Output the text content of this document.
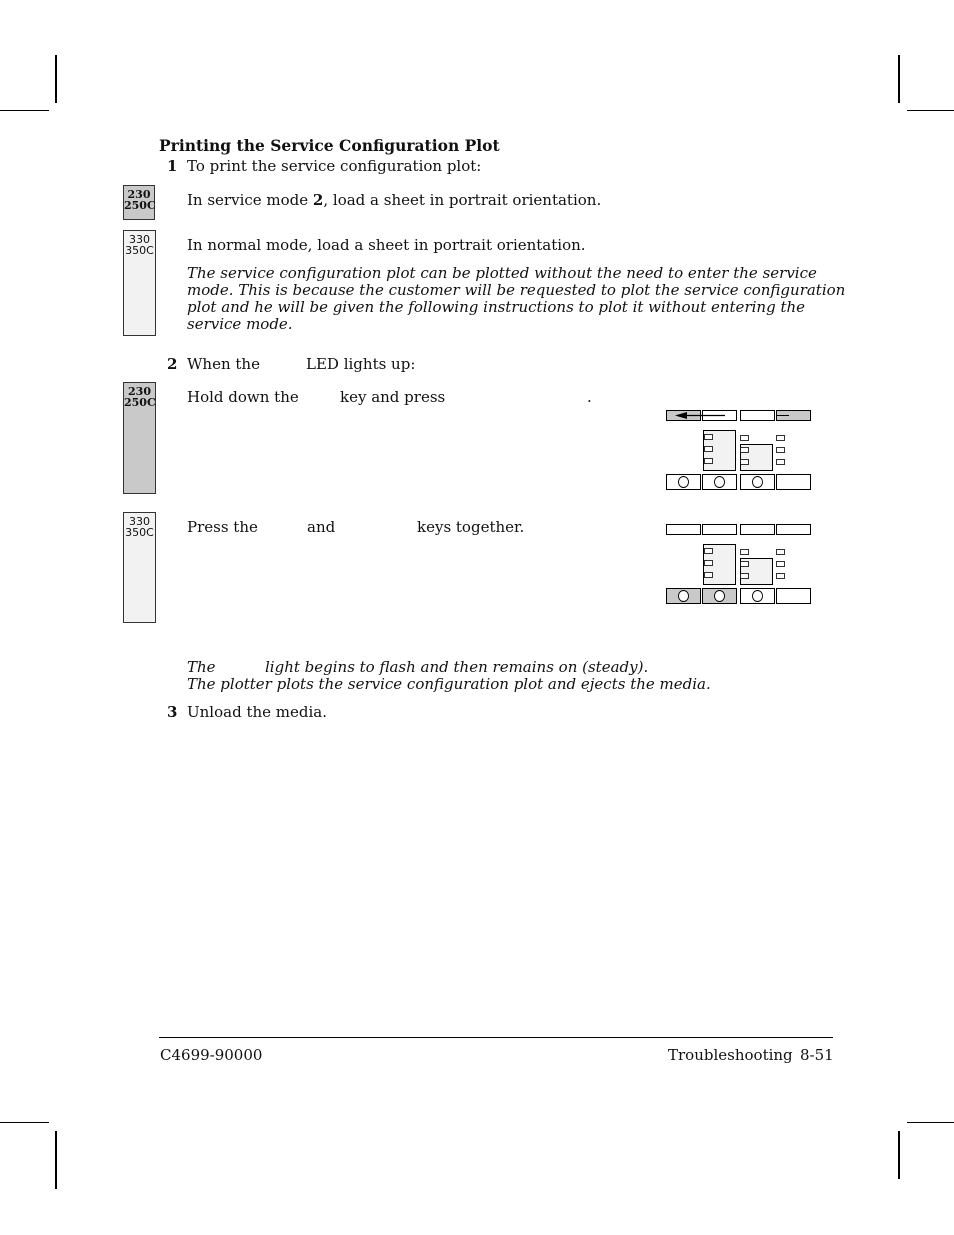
Printing the Service Configuration Plot
1 To print the service configuration plot:
230
250C In service mode 2, load a sheet in portrait orientation.
330
350C In normal mode, load a sheet in portrait orientation.
The service configuration plot can be plotted without the need to enter the service
mode. This is because the customer will be requested to plot the service configuration
plot and he will be given the following instructions to plot it without entering the
service mode.
2 When the	LED lights up:
230
250C Hold down the	key and press	.
330
350C Press the	and	keys together.
The	light begins to flash and then remains on (steady).
The plotter plots the service configuration plot and ejects the media.
3 Unload the media.
C4699-90000	Troubleshooting 8-51
